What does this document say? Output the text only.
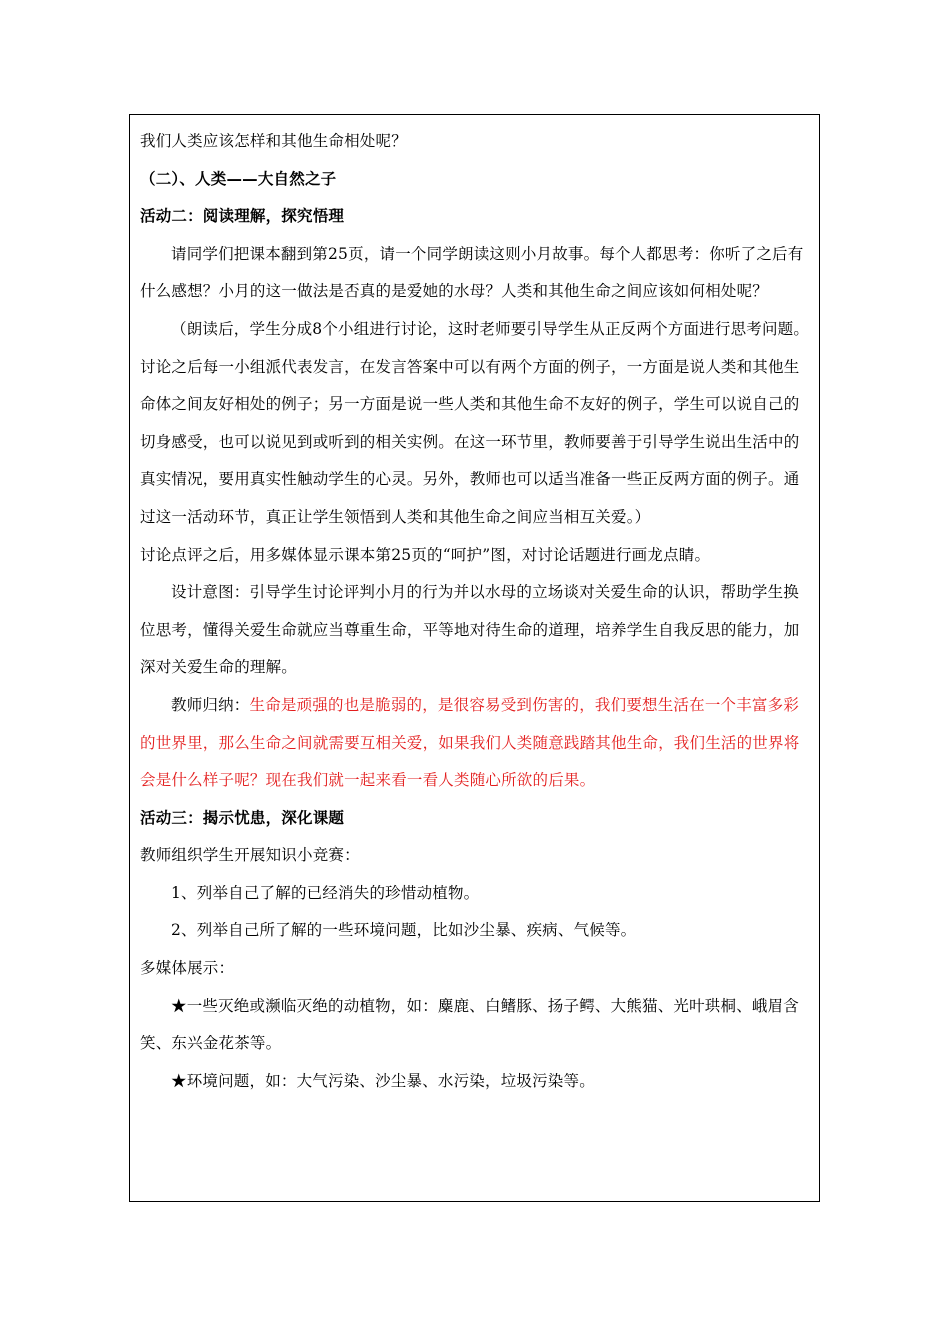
我们人类应该怎样和其他生命相处呢？

（二）、人类——大自然之子

活动二：阅读理解，探究悟理

请同学们把课本翻到第25页，请一个同学朗读这则小月故事。每个人都思考：你听了之后有什么感想？小月的这一做法是否真的是爱她的水母？人类和其他生命之间应该如何相处呢？

（朗读后，学生分成8个小组进行讨论，这时老师要引导学生从正反两个方面进行思考问题。讨论之后每一小组派代表发言，在发言答案中可以有两个方面的例子，一方面是说人类和其他生命体之间友好相处的例子；另一方面是说一些人类和其他生命不友好的例子，学生可以说自己的切身感受，也可以说见到或听到的相关实例。在这一环节里，教师要善于引导学生说出生活中的真实情况，要用真实性触动学生的心灵。另外，教师也可以适当准备一些正反两方面的例子。通过这一活动环节，真正让学生领悟到人类和其他生命之间应当相互关爱。）

讨论点评之后，用多媒体显示课本第25页的“呵护”图，对讨论话题进行画龙点睛。

设计意图：引导学生讨论评判小月的行为并以水母的立场谈对关爱生命的认识，帮助学生换位思考，懂得关爱生命就应当尊重生命，平等地对待生命的道理，培养学生自我反思的能力，加深对关爱生命的理解。

教师归纳：生命是顽强的也是脆弱的，是很容易受到伤害的，我们要想生活在一个丰富多彩的世界里，那么生命之间就需要互相关爱，如果我们人类随意践踏其他生命，我们生活的世界将会是什么样子呢？现在我们就一起来看一看人类随心所欲的后果。

活动三：揭示忧患，深化课题

教师组织学生开展知识小竞赛：

1、列举自己了解的已经消失的珍惜动植物。

2、列举自己所了解的一些环境问题，比如沙尘暴、疾病、气候等。

多媒体展示：

★一些灭绝或濒临灭绝的动植物，如：麋鹿、白鳍豚、扬子鳄、大熊猫、光叶珙桐、峨眉含笑、东兴金花茶等。

★环境问题，如：大气污染、沙尘暴、水污染，垃圾污染等。
